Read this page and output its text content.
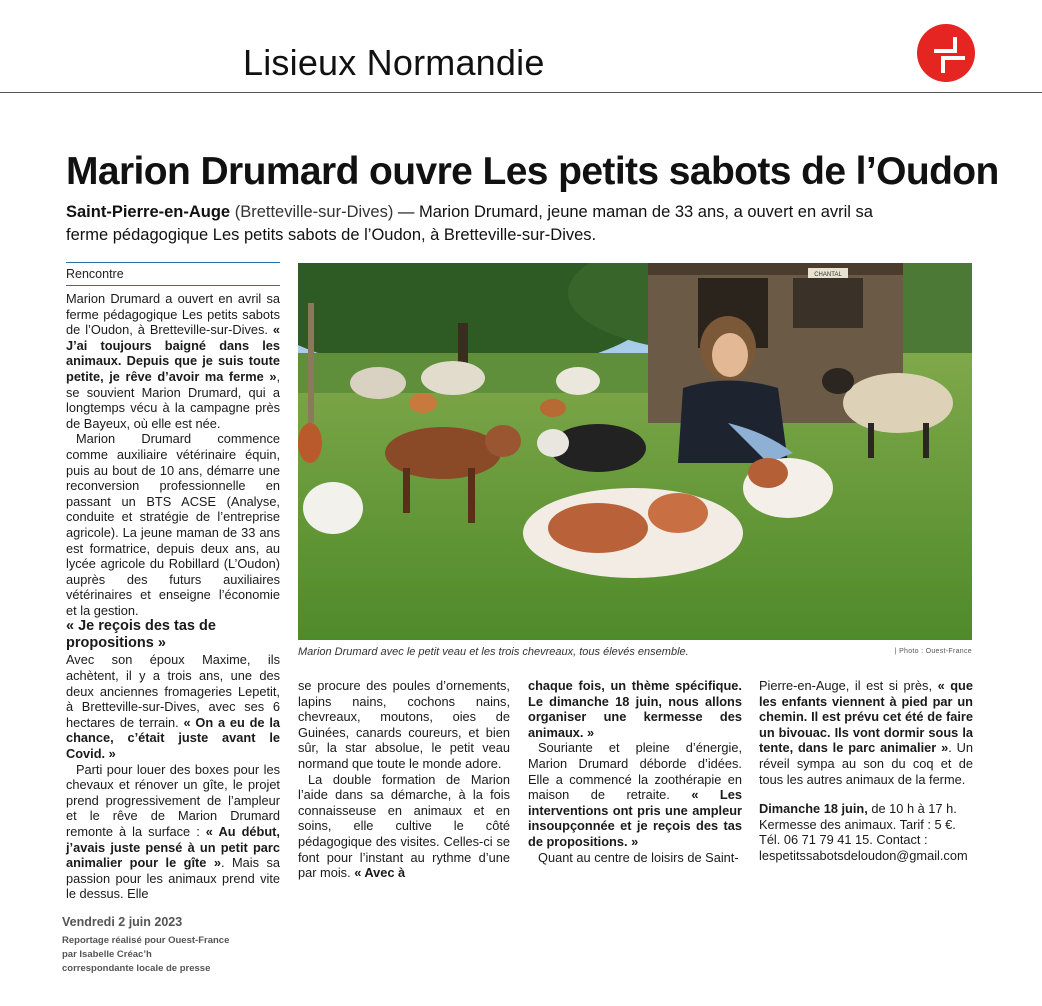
Lisieux Normandie
Marion Drumard ouvre Les petits sabots de l’Oudon
Saint-Pierre-en-Auge (Bretteville-sur-Dives) — Marion Drumard, jeune maman de 33 ans, a ouvert en avril sa ferme pédagogique Les petits sabots de l’Oudon, à Bretteville-sur-Dives.
Rencontre

Marion Drumard a ouvert en avril sa ferme pédagogique Les petits sabots de l’Oudon, à Bretteville-sur-Dives. « J’ai toujours baigné dans les animaux. Depuis que je suis toute petite, je rêve d’avoir ma ferme », se souvient Marion Drumard, qui a longtemps vécu à la campagne près de Bayeux, où elle est née.

Marion Drumard commence comme auxiliaire vétérinaire équin, puis au bout de 10 ans, démarre une reconversion professionnelle en passant un BTS ACSE (Analyse, conduite et stratégie de l’entreprise agricole). La jeune maman de 33 ans est formatrice, depuis deux ans, au lycée agricole du Robillard (L’Oudon) auprès des futurs auxiliaires vétérinaires et enseigne l’économie et la gestion.

« Je reçois des tas de propositions »

Avec son époux Maxime, ils achètent, il y a trois ans, une des deux anciennes fromageries Lepetit, à Bretteville-sur-Dives, avec ses 6 hectares de terrain. « On a eu de la chance, c’était juste avant le Covid. »

Parti pour louer des boxes pour les chevaux et rénover un gîte, le projet prend progressivement de l’ampleur et le rêve de Marion Drumard remonte à la surface : « Au début, j’avais juste pensé à un petit parc animalier pour le gîte ». Mais sa passion pour les animaux prend vite le dessus. Elle

CHANTAL
Marion Drumard avec le petit veau et les trois chevreaux, tous élevés ensemble.	| Photo : Ouest-France

se procure des poules d’ornements, lapins nains, cochons nains, chevreaux, moutons, oies de Guinées, canards coureurs, et bien sûr, la star absolue, le petit veau normand que toute le monde adore.

La double formation de Marion l’aide dans sa démarche, à la fois connaisseuse en animaux et en soins, elle cultive le côté pédagogique des visites. Celles-ci se font pour l’instant au rythme d’une par mois. « Avec à

chaque fois, un thème spécifique. Le dimanche 18 juin, nous allons organiser une kermesse des animaux. »

Souriante et pleine d’énergie, Marion Drumard déborde d’idées. Elle a commencé la zoothérapie en maison de retraite. « Les interventions ont pris une ampleur insoupçonnée et je reçois des tas de propositions. »

Quant au centre de loisirs de Saint-

Pierre-en-Auge, il est si près, « que les enfants viennent à pied par un chemin. Il est prévu cet été de faire un bivouac. Ils vont dormir sous la tente, dans le parc animalier ». Un réveil sympa au son du coq et de tous les autres animaux de la ferme.

Dimanche 18 juin, de 10 h à 17 h. Kermesse des animaux. Tarif : 5 €. Tél. 06 71 79 41 15. Contact : lespetitssabotsdeloudon@gmail.com

Vendredi 2 juin 2023
Reportage réalisé pour Ouest-France
par Isabelle Créac’h
correspondante locale de presse
